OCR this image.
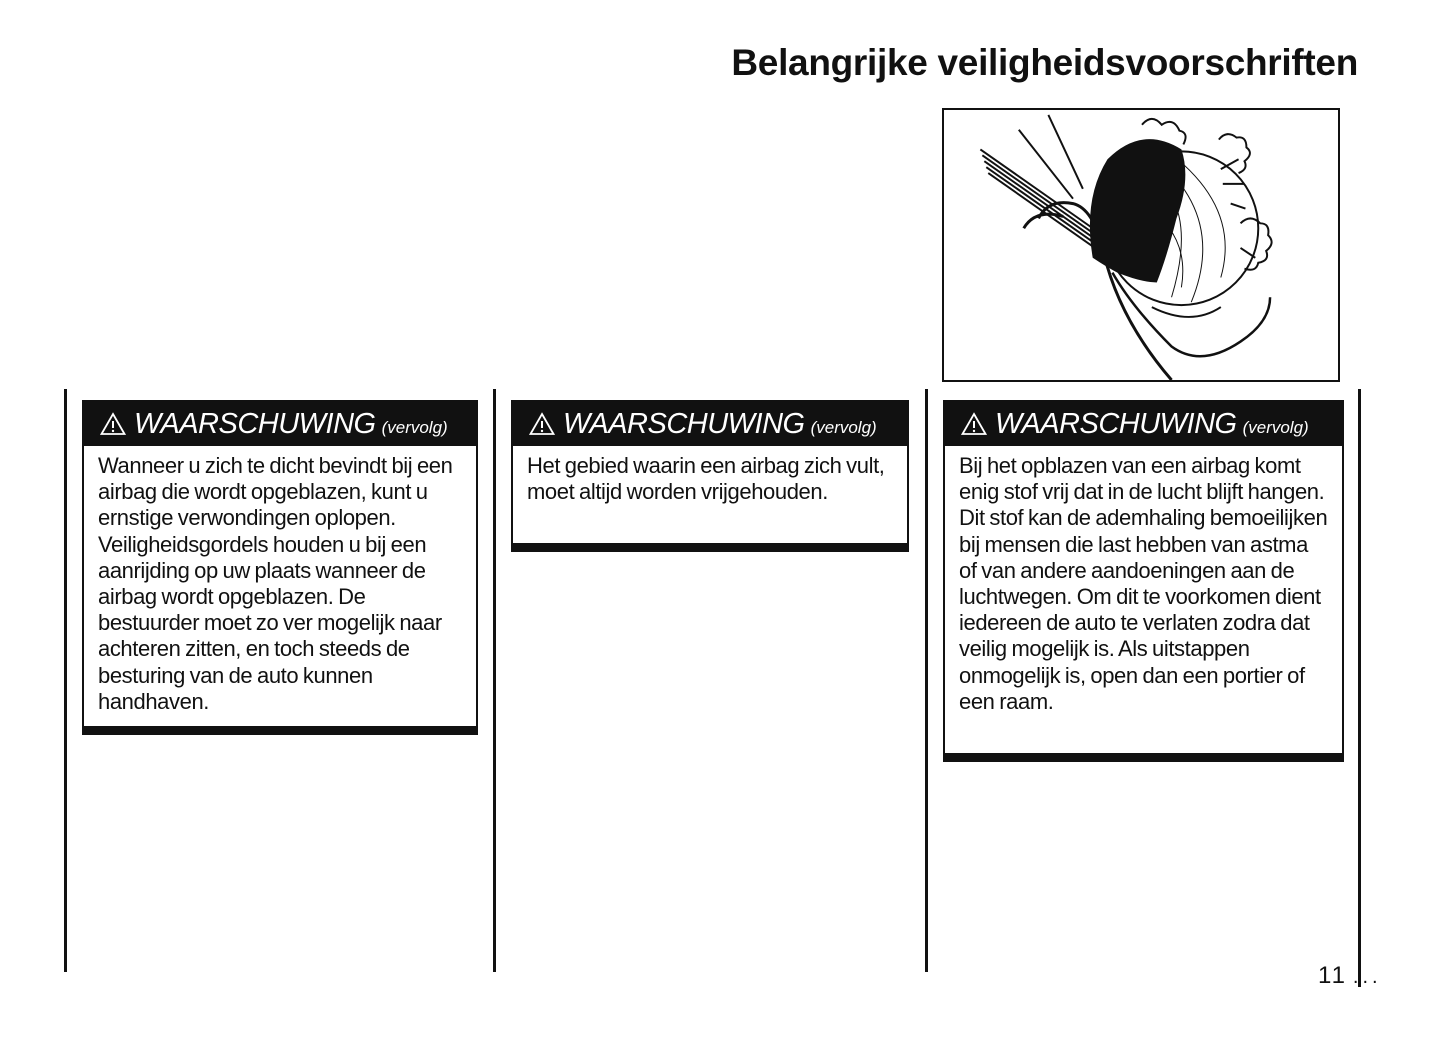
Belangrijke veiligheidsvoorschriften
WAARSCHUWING (vervolg)
Wanneer u zich te dicht bevindt bij een airbag die wordt opgeblazen, kunt u ernstige verwondingen oplopen. Veiligheidsgordels houden u bij een aanrijding op uw plaats wanneer de airbag wordt opgeblazen. De bestuurder moet zo ver mogelijk naar achteren zitten, en toch steeds de besturing van de auto kunnen handhaven.
WAARSCHUWING (vervolg)
Het gebied waarin een airbag zich vult, moet altijd worden vrijgehouden.
WAARSCHUWING (vervolg)
Bij het opblazen van een airbag komt enig stof vrij dat in de lucht blijft hangen. Dit stof kan de ademhaling bemoeilijken bij mensen die last hebben van astma of van andere aandoeningen aan de luchtwegen. Om dit te voorkomen dient iedereen de auto te verlaten zodra dat veilig mogelijk is. Als uitstappen onmogelijk is, open dan een portier of een raam.
11 ...
